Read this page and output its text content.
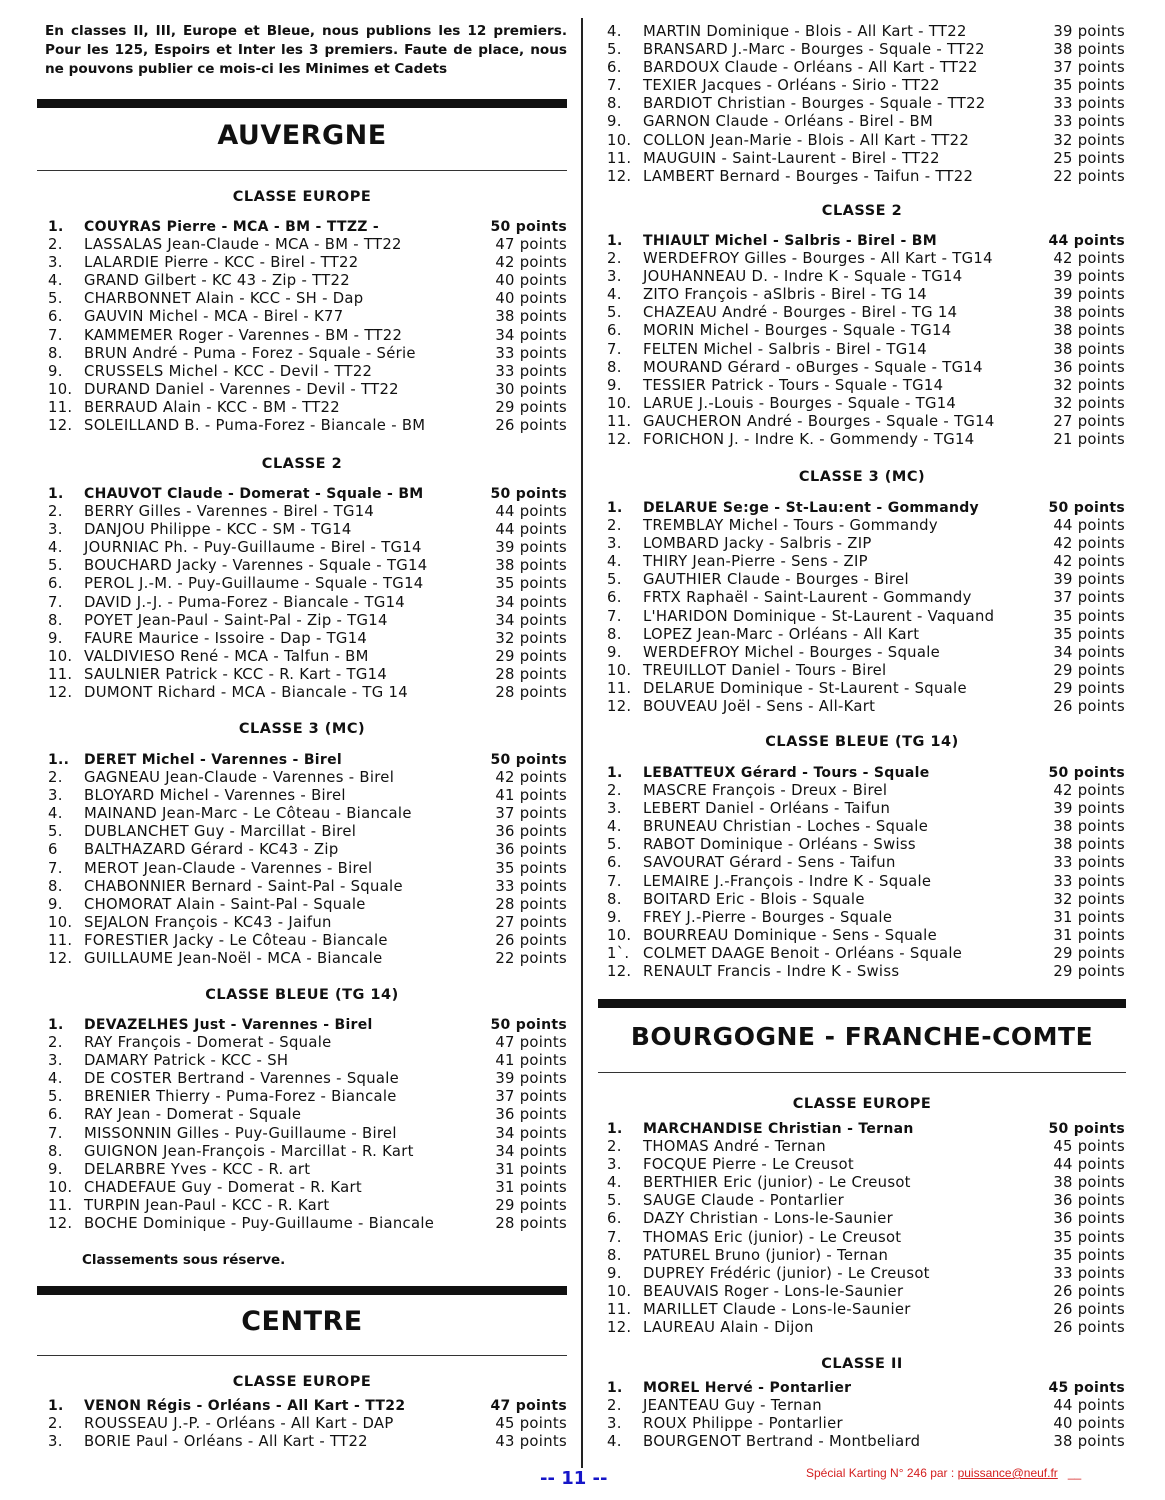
En classes II, III, Europe et Bleue, nous publions les 12 premiers. Pour les 125, Espoirs et Inter les 3 premiers. Faute de place, nous ne pouvons publier ce mois-ci les Minimes et Cadets
AUVERGNE
CLASSE EUROPE
1.	COUYRAS Pierre - MCA - BM - TTZZ -	50 points
2.	LASSALAS Jean-Claude - MCA - BM - TT22	47 points
3.	LALARDIE Pierre - KCC - Birel - TT22	42 points
4.	GRAND Gilbert - KC 43 - Zip - TT22	40 points
5.	CHARBONNET Alain - KCC - SH - Dap	40 points
6.	GAUVIN Michel - MCA - Birel - K77	38 points
7.	KAMMEMER Roger - Varennes - BM - TT22	34 points
8.	BRUN André - Puma - Forez - Squale - Série	33 points
9.	CRUSSELS Michel - KCC - Devil - TT22	33 points
10. DURAND Daniel - Varennes - Devil - TT22	30 points
11. BERRAUD Alain - KCC - BM - TT22	29 points
12. SOLEILLAND B. - Puma-Forez - Biancale - BM	26 points
CLASSE 2
1.	CHAUVOT Claude - Domerat - Squale - BM	50 points
2.	BERRY Gilles - Varennes - Birel - TG14	44 points
3.	DANJOU Philippe - KCC - SM - TG14	44 points
4.	JOURNIAC Ph. - Puy-Guillaume - Birel - TG14	39 points
5.	BOUCHARD Jacky - Varennes - Squale - TG14	38 points
6.	PEROL J.-M. - Puy-Guillaume - Squale - TG14	35 points
7.	DAVID J.-J. - Puma-Forez - Biancale - TG14	34 points
8.	POYET Jean-Paul - Saint-Pal - Zip - TG14	34 points
9.	FAURE Maurice - Issoire - Dap - TG14	32 points
10. VALDIVIESO René - MCA - Talfun - BM	29 points
11. SAULNIER Patrick - KCC - R. Kart - TG14	28 points
12. DUMONT Richard - MCA - Biancale - TG 14	28 points
CLASSE 3 (MC)
1..	DERET Michel - Varennes - Birel	50 points
2.	GAGNEAU Jean-Claude - Varennes - Birel	42 points
3.	BLOYARD Michel - Varennes - Birel	41 points
4.	MAINAND Jean-Marc - Le Côteau - Biancale	37 points
5.	DUBLANCHET Guy - Marcillat - Birel	36 points
6	BALTHAZARD Gérard - KC43 - Zip	36 points
7.	MEROT Jean-Claude - Varennes - Birel	35 points
8.	CHABONNIER Bernard - Saint-Pal - Squale	33 points
9.	CHOMORAT Alain - Saint-Pal - Squale	28 points
10. SEJALON François - KC43 - Jaifun	27 points
11. FORESTIER Jacky - Le Côteau - Biancale	26 points
12. GUILLAUME Jean-Noël - MCA - Biancale	22 points
CLASSE BLEUE (TG 14)
1.	DEVAZELHES Just - Varennes - Birel	50 points
2.	RAY François - Domerat - Squale	47 points
3.	DAMARY Patrick - KCC - SH	41 points
4.	DE COSTER Bertrand - Varennes - Squale	39 points
5.	BRENIER Thierry - Puma-Forez - Biancale	37 points
6.	RAY Jean - Domerat - Squale	36 points
7.	MISSONNIN Gilles - Puy-Guillaume - Birel	34 points
8.	GUIGNON Jean-François - Marcillat - R. Kart	34 points
9.	DELARBRE Yves - KCC - R. art	31 points
10. CHADEFAUE Guy - Domerat - R. Kart	31 points
11. TURPIN Jean-Paul - KCC - R. Kart	29 points
12. BOCHE Dominique - Puy-Guillaume - Biancale	28 points
Classements sous réserve.
CENTRE
CLASSE EUROPE
1.	VENON Régis - Orléans - All Kart - TT22	47 points
2.	ROUSSEAU J.-P. - Orléans - All Kart - DAP	45 points
3.	BORIE Paul - Orléans - All Kart - TT22	43 points
4.	MARTIN Dominique - Blois - All Kart - TT22	39 points
5.	BRANSARD J.-Marc - Bourges - Squale - TT22	38 points
6.	BARDOUX Claude - Orléans - All Kart - TT22	37 points
7.	TEXIER Jacques - Orléans - Sirio - TT22	35 points
8.	BARDIOT Christian - Bourges - Squale - TT22	33 points
9.	GARNON Claude - Orléans - Birel - BM	33 points
10. COLLON Jean-Marie - Blois - All Kart - TT22	32 points
11. MAUGUIN - Saint-Laurent - Birel - TT22	25 points
12. LAMBERT Bernard - Bourges - Taifun - TT22	22 points
CLASSE 2
1.	THIAULT Michel - Salbris - Birel - BM	44 points
2.	WERDEFROY Gilles - Bourges - All Kart - TG14	42 points
3.	JOUHANNEAU D. - Indre K - Squale - TG14	39 points
4.	ZITO François - aSlbris - Birel - TG 14	39 points
5.	CHAZEAU André - Bourges - Birel - TG 14	38 points
6.	MORIN Michel - Bourges - Squale - TG14	38 points
7.	FELTEN Michel - Salbris - Birel - TG14	38 points
8.	MOURAND Gérard - oBurges - Squale - TG14	36 points
9.	TESSIER Patrick - Tours - Squale - TG14	32 points
10. LARUE J.-Louis - Bourges - Squale - TG14	32 points
11. GAUCHERON André - Bourges - Squale - TG14	27 points
12. FORICHON J. - Indre K. - Gommendy - TG14	21 points
CLASSE 3 (MC)
1.	DELARUE Se:ge - St-Lau:ent - Gommandy	50 points
2.	TREMBLAY Michel - Tours - Gommandy	44 points
3.	LOMBARD Jacky - Salbris - ZIP	42 points
4.	THIRY Jean-Pierre - Sens - ZIP	42 points
5.	GAUTHIER Claude - Bourges - Birel	39 points
6.	FRTX Raphaël - Saint-Laurent - Gommandy	37 points
7.	L'HARIDON Dominique - St-Laurent - Vaquand	35 points
8.	LOPEZ Jean-Marc - Orléans - All Kart	35 points
9.	WERDEFROY Michel - Bourges - Squale	34 points
10. TREUILLOT Daniel - Tours - Birel	29 points
11. DELARUE Dominique - St-Laurent - Squale	29 points
12. BOUVEAU Joël - Sens - All-Kart	26 points
CLASSE BLEUE (TG 14)
1.	LEBATTEUX Gérard - Tours - Squale	50 points
2.	MASCRE François - Dreux - Birel	42 points
3.	LEBERT Daniel - Orléans - Taifun	39 points
4.	BRUNEAU Christian - Loches - Squale	38 points
5.	RABOT Dominique - Orléans - Swiss	38 points
6.	SAVOURAT Gérard - Sens - Taifun	33 points
7.	LEMAIRE J.-François - Indre K - Squale	33 points
8.	BOITARD Eric - Blois - Squale	32 points
9.	FREY J.-Pierre - Bourges - Squale	31 points
10. BOURREAU Dominique - Sens - Squale	31 points
1`. COLMET DAAGE Benoit - Orléans - Squale	29 points
12. RENAULT Francis - Indre K - Swiss	29 points
BOURGOGNE - FRANCHE-COMTE
CLASSE EUROPE
1.	MARCHANDISE Christian - Ternan	50 points
2.	THOMAS André - Ternan	45 points
3.	FOCQUE Pierre - Le Creusot	44 points
4.	BERTHIER Eric (junior) - Le Creusot	38 points
5.	SAUGE Claude - Pontarlier	36 points
6.	DAZY Christian - Lons-le-Saunier	36 points
7.	THOMAS Eric (junior) - Le Creusot	35 points
8.	PATUREL Bruno (junior) - Ternan	35 points
9.	DUPREY Frédéric (junior) - Le Creusot	33 points
10. BEAUVAIS Roger - Lons-le-Saunier	26 points
11. MARILLET Claude - Lons-le-Saunier	26 points
12. LAUREAU Alain - Dijon	26 points
CLASSE II
1.	MOREL Hervé - Pontarlier	45 points
2.	JEANTEAU Guy - Ternan	44 points
3.	ROUX Philippe - Pontarlier	40 points
4.	BOURGENOT Bertrand - Montbeliard	38 points
-- 11 --	Spécial Karting N° 246 par : puissance@neuf.fr   __
